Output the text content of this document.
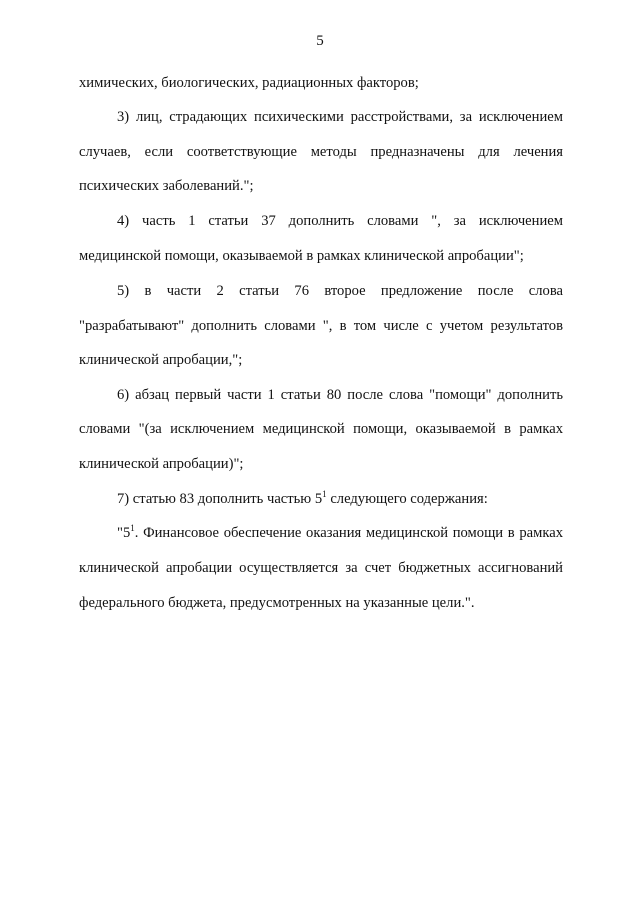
5
химических, биологических, радиационных факторов;
3) лиц, страдающих психическими расстройствами, за исключением
случаев, если соответствующие методы предназначены для лечения
психических заболеваний.";
4) часть 1 статьи 37 дополнить словами ", за исключением
медицинской помощи, оказываемой в рамках клинической апробации";
5) в части 2 статьи 76 второе предложение после слова
"разрабатывают" дополнить словами ", в том числе с учетом результатов
клинической апробации,";
6) абзац первый части 1 статьи 80 после слова "помощи" дополнить
словами "(за исключением медицинской помощи, оказываемой в рамках
клинической апробации)";
7) статью 83 дополнить частью $5^1$ следующего содержания:
"$5^1$. Финансовое обеспечение оказания медицинской помощи в рамках
клинической апробации осуществляется за счет бюджетных ассигнований
федерального бюджета, предусмотренных на указанные цели.".
